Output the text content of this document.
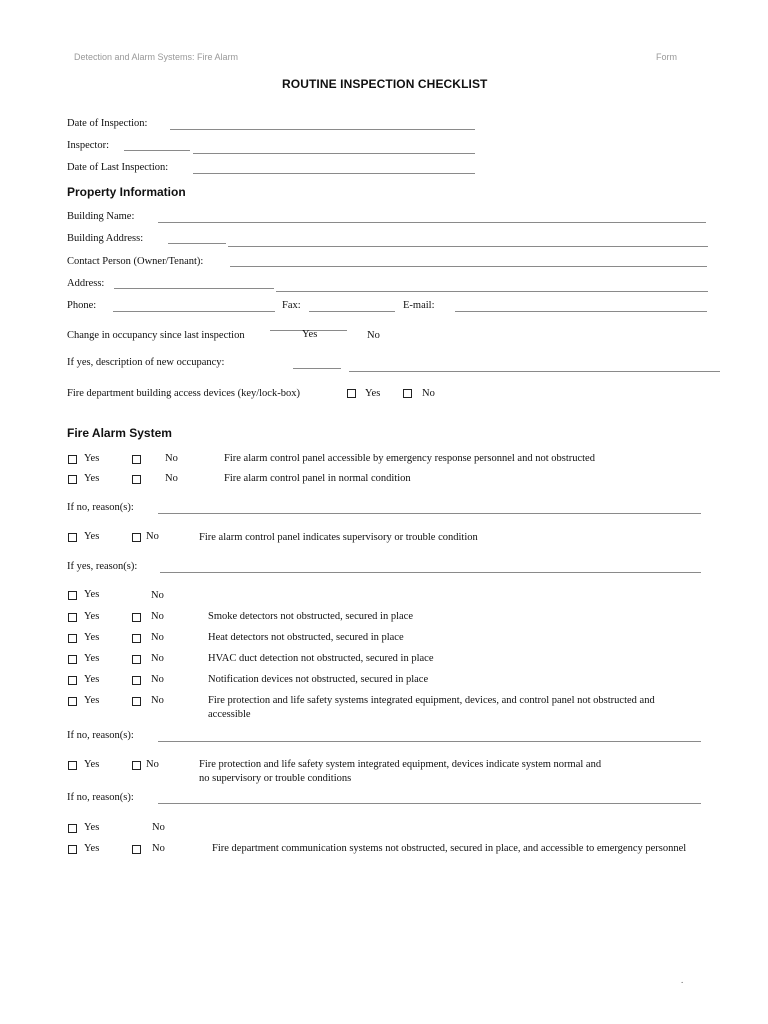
Detection and Alarm Systems: Fire Alarm	Form
ROUTINE INSPECTION CHECKLIST
Date of Inspection:
Inspector:
Date of Last Inspection:
Property Information
Building Name:
Building Address:
Contact Person (Owner/Tenant):
Address:
Phone:	Fax:	E-mail:
Change in occupancy since last inspection	Yes	No
If yes, description of new occupancy:
Fire department building access devices (key/lock-box)	Yes	No
Fire Alarm System
Yes	No	Fire alarm control panel accessible by emergency response personnel and not obstructed
Yes	No	Fire alarm control panel in normal condition
If no, reason(s):
Yes	No	Fire alarm control panel indicates supervisory or trouble condition
If yes, reason(s):
Yes	No
Yes	No	Smoke detectors not obstructed, secured in place
Yes	No	Heat detectors not obstructed, secured in place
Yes	No	HVAC duct detection not obstructed, secured in place
Yes	No	Notification devices not obstructed, secured in place
Yes	No	Fire protection and life safety systems integrated equipment, devices, and control panel not obstructed and
accessible
If no, reason(s):
Yes	No	Fire protection and life safety system integrated equipment, devices indicate system normal and
no supervisory or trouble conditions
If no, reason(s):
Yes	No
Yes	No	Fire department communication systems not obstructed, secured in place, and accessible to emergency personnel
.
